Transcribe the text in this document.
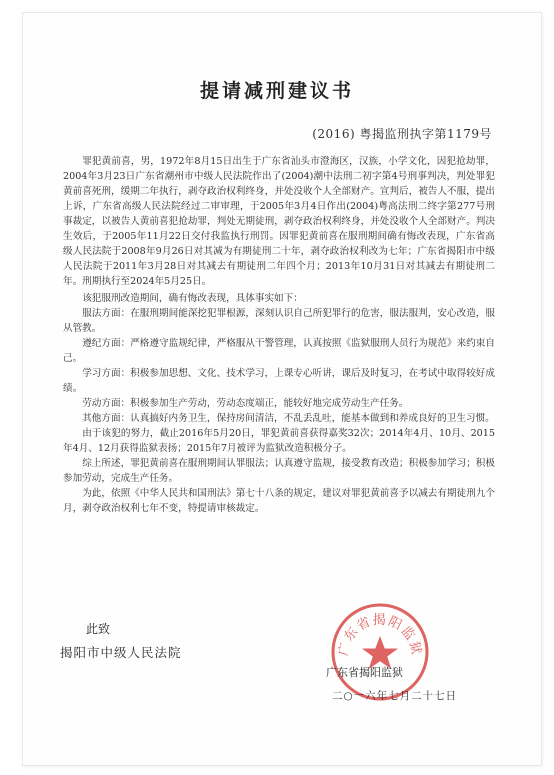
提请减刑建议书
(2016) 粤揭监刑执字第1179号

罪犯黄前喜，男，1972年8月15日出生于广东省汕头市澄海区，汉族，小学文化，因犯抢劫罪，2004年3月23日广东省潮州市中级人民法院作出了(2004)潮中法刑二初字第4号刑事判决，判处罪犯黄前喜死刑，缓期二年执行，剥夺政治权利终身，并处没收个人全部财产。宣判后，被告人不服，提出上诉，广东省高级人民法院经过二审审理，于2005年3月4日作出(2004)粤高法刑二终字第277号刑事裁定，以被告人黄前喜犯抢劫罪，判处无期徒刑，剥夺政治权利终身，并处没收个人全部财产。判决生效后，于2005年11月22日交付我监执行刑罚。因罪犯黄前喜在服刑期间确有悔改表现，广东省高级人民法院于2008年9月26日对其减为有期徒刑二十年，剥夺政治权利改为七年；广东省揭阳市中级人民法院于2011年3月28日对其减去有期徒刑二年四个月；2013年10月31日对其减去有期徒刑二年。刑期执行至2024年5月25日。

该犯服刑改造期间，确有悔改表现，具体事实如下：

服法方面：在服刑期间能深挖犯罪根源，深刻认识自己所犯罪行的危害，服法服判，安心改造，服从管教。

遵纪方面：严格遵守监规纪律，严格服从干警管理，认真按照《监狱服刑人员行为规范》来约束自己。

学习方面：积极参加思想、文化、技术学习，上课专心听讲，课后及时复习，在考试中取得较好成绩。

劳动方面：积极参加生产劳动，劳动态度端正，能较好地完成劳动生产任务。

其他方面：认真搞好内务卫生，保持房间清洁，不乱丢乱吐，能基本做到和养成良好的卫生习惯。

由于该犯的努力，截止2016年5月20日，罪犯黄前喜获得嘉奖32次；2014年4月、10月、2015年4月、12月获得监狱表扬；2015年7月被评为监狱改造积极分子。

综上所述，罪犯黄前喜在服刑期间认罪服法；认真遵守监规，接受教育改造；积极参加学习；积极参加劳动，完成生产任务。

为此，依照《中华人民共和国刑法》第七十八条的规定，建议对罪犯黄前喜予以减去有期徒刑九个月，剥夺政治权利七年不变，特提请审核裁定。

此致
揭阳市中级人民法院	广东省揭阳监狱
广东省揭阳监狱
二○一六年七月二十七日
